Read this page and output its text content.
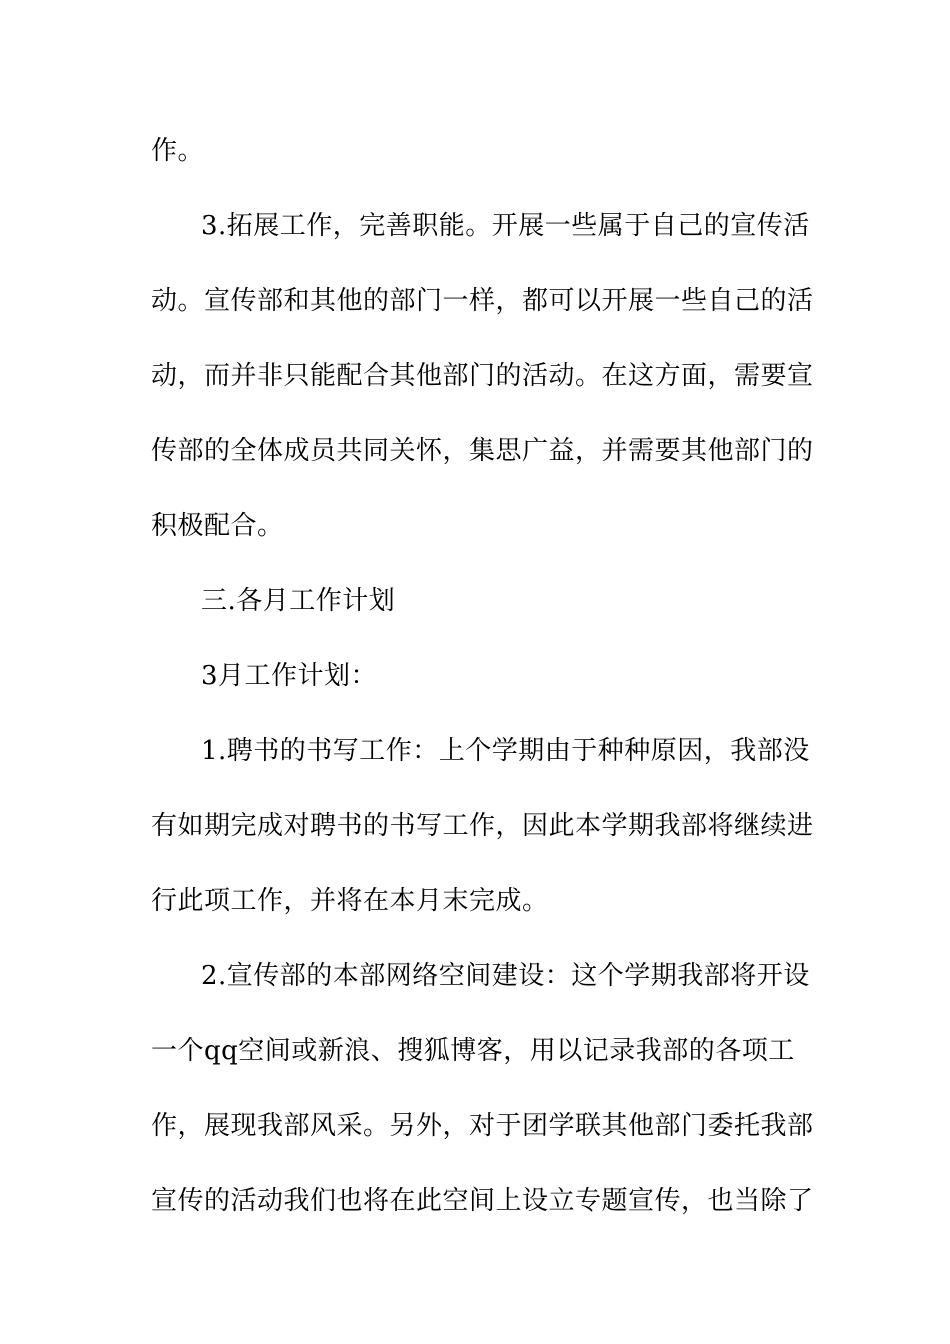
作。
3.拓展工作，完善职能。开展一些属于自己的宣传活
动。宣传部和其他的部门一样，都可以开展一些自己的活
动，而并非只能配合其他部门的活动。在这方面，需要宣
传部的全体成员共同关怀，集思广益，并需要其他部门的
积极配合。
三.各月工作计划
3月工作计划：
1.聘书的书写工作：上个学期由于种种原因，我部没
有如期完成对聘书的书写工作，因此本学期我部将继续进
行此项工作，并将在本月末完成。
2.宣传部的本部网络空间建设：这个学期我部将开设
一个qq空间或新浪、搜狐博客，用以记录我部的各项工
作，展现我部风采。另外，对于团学联其他部门委托我部
宣传的活动我们也将在此空间上设立专题宣传，也当除了
